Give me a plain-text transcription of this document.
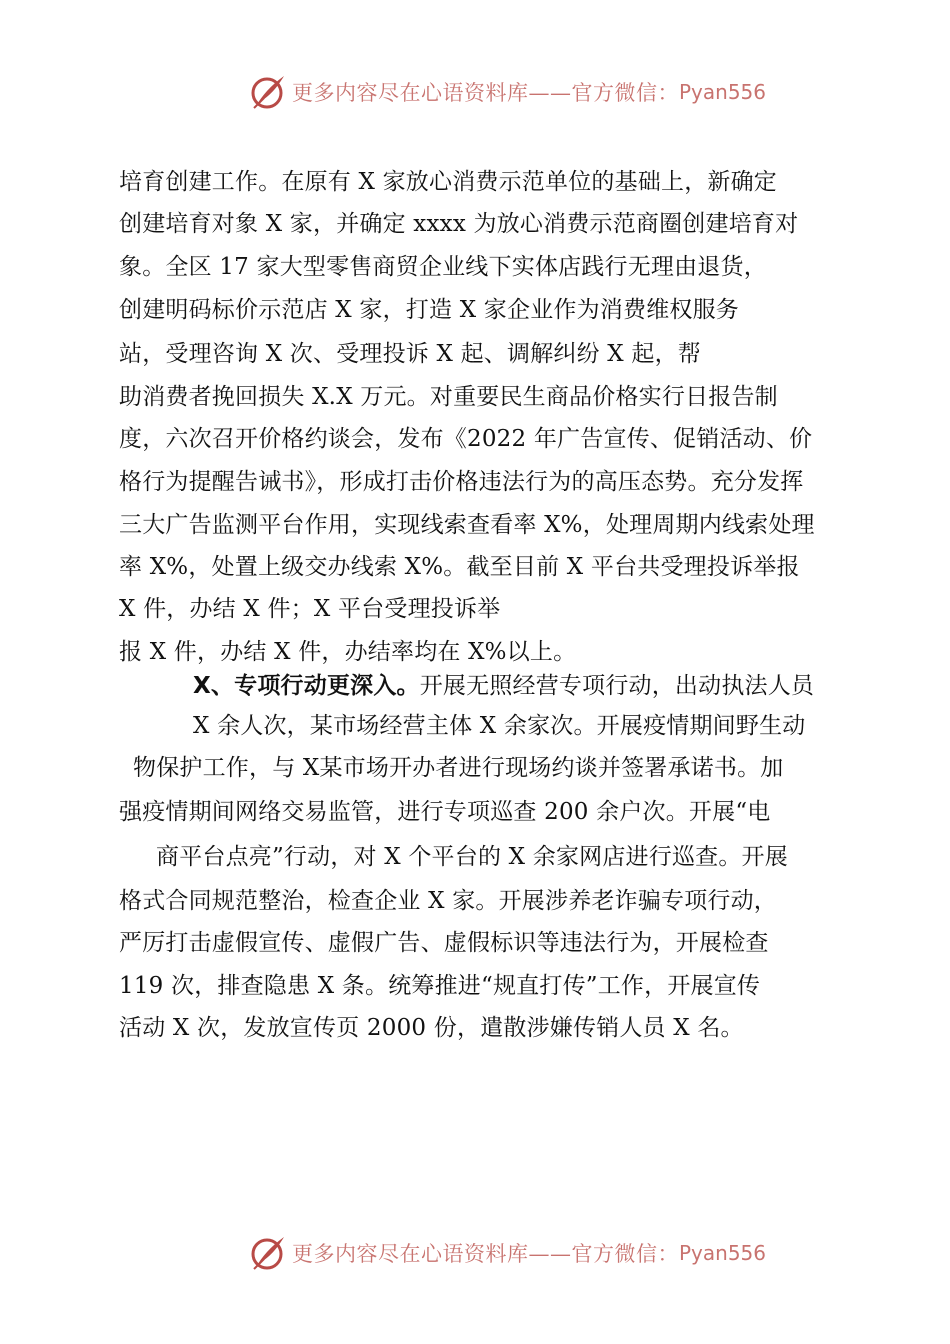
更多内容尽在心语资料库——官方微信： Pyan556
培育创建工作。在原有 X 家放心消费示范单位的基础上，新确定
创建培育对象 X 家，并确定 xxxx 为放心消费示范商圈创建培育对
象。全区 17 家大型零售商贸企业线下实体店践行无理由退货，
创建明码标价示范店 X 家，打造 X 家企业作为消费维权服务
站，受理咨询 X 次、受理投诉 X 起、调解纠纷 X 起，帮
助消费者挽回损失 X.X 万元。对重要民生商品价格实行日报告制
度，六次召开价格约谈会，发布《2022 年广告宣传、促销活动、价
格行为提醒告诫书》，形成打击价格违法行为的高压态势。充分发挥
三大广告监测平台作用，实现线索查看率 X%，处理周期内线索处理
率 X%，处置上级交办线索 X%。截至目前 X 平台共受理投诉举报
X 件，办结 X 件；X 平台受理投诉举
报 X 件，办结 X 件，办结率均在 X%以上。
X、专项行动更深入。开展无照经营专项行动，出动执法人员
X 余人次，某市场经营主体 X 余家次。开展疫情期间野生动
物保护工作，与 X某市场开办者进行现场约谈并签署承诺书。加
强疫情期间网络交易监管，进行专项巡查 200 余户次。开展“电
商平台点亮”行动，对 X 个平台的 X 余家网店进行巡查。开展
格式合同规范整治，检查企业 X 家。开展涉养老诈骗专项行动，
严厉打击虚假宣传、虚假广告、虚假标识等违法行为，开展检查
119 次，排查隐患 X 条。统筹推进“规直打传”工作，开展宣传
活动 X 次，发放宣传页 2000 份，遣散涉嫌传销人员 X 名。
更多内容尽在心语资料库——官方微信： Pyan556
